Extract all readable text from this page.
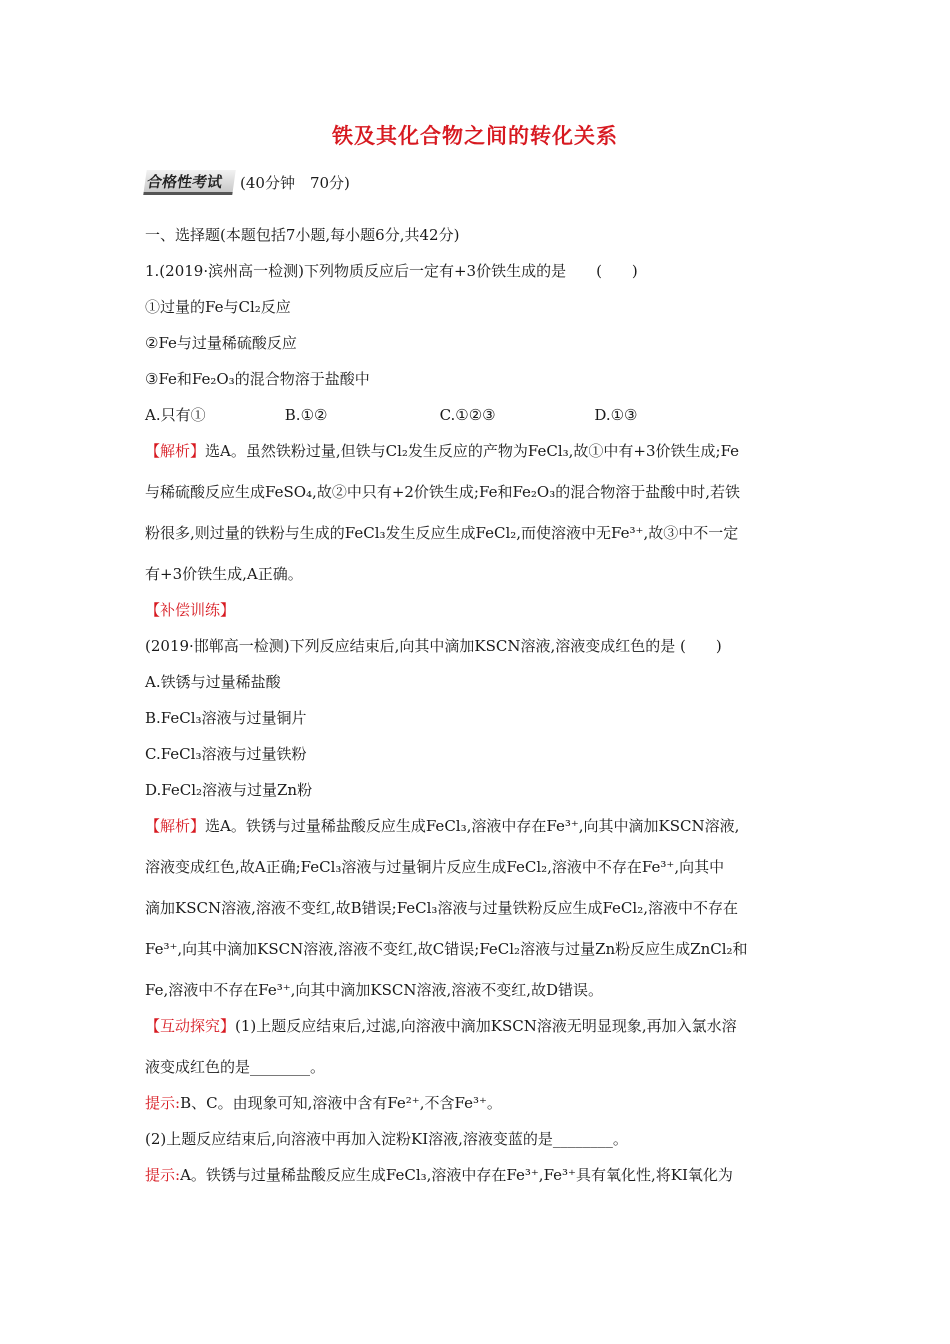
铁及其化合物之间的转化关系
合格性考试	(40分钟　70分)
一、选择题(本题包括7小题,每小题6分,共42分)
1.(2019·滨州高一检测)下列物质反应后一定有+3价铁生成的是　　(　　)
①过量的Fe与Cl₂反应
②Fe与过量稀硫酸反应
③Fe和Fe₂O₃的混合物溶于盐酸中
A.只有①	B.①②	C.①②③	D.①③
【解析】选A。虽然铁粉过量,但铁与Cl₂发生反应的产物为FeCl₃,故①中有+3价铁生成;Fe
与稀硫酸反应生成FeSO₄,故②中只有+2价铁生成;Fe和Fe₂O₃的混合物溶于盐酸中时,若铁
粉很多,则过量的铁粉与生成的FeCl₃发生反应生成FeCl₂,而使溶液中无Fe³⁺,故③中不一定
有+3价铁生成,A正确。
【补偿训练】
(2019·邯郸高一检测)下列反应结束后,向其中滴加KSCN溶液,溶液变成红色的是 (　　)
A.铁锈与过量稀盐酸
B.FeCl₃溶液与过量铜片
C.FeCl₃溶液与过量铁粉
D.FeCl₂溶液与过量Zn粉
【解析】选A。铁锈与过量稀盐酸反应生成FeCl₃,溶液中存在Fe³⁺,向其中滴加KSCN溶液,
溶液变成红色,故A正确;FeCl₃溶液与过量铜片反应生成FeCl₂,溶液中不存在Fe³⁺,向其中
滴加KSCN溶液,溶液不变红,故B错误;FeCl₃溶液与过量铁粉反应生成FeCl₂,溶液中不存在
Fe³⁺,向其中滴加KSCN溶液,溶液不变红,故C错误;FeCl₂溶液与过量Zn粉反应生成ZnCl₂和
Fe,溶液中不存在Fe³⁺,向其中滴加KSCN溶液,溶液不变红,故D错误。
【互动探究】(1)上题反应结束后,过滤,向溶液中滴加KSCN溶液无明显现象,再加入氯水溶
液变成红色的是________。
提示:B、C。由现象可知,溶液中含有Fe²⁺,不含Fe³⁺。
(2)上题反应结束后,向溶液中再加入淀粉KI溶液,溶液变蓝的是________。
提示:A。铁锈与过量稀盐酸反应生成FeCl₃,溶液中存在Fe³⁺,Fe³⁺具有氧化性,将KI氧化为
